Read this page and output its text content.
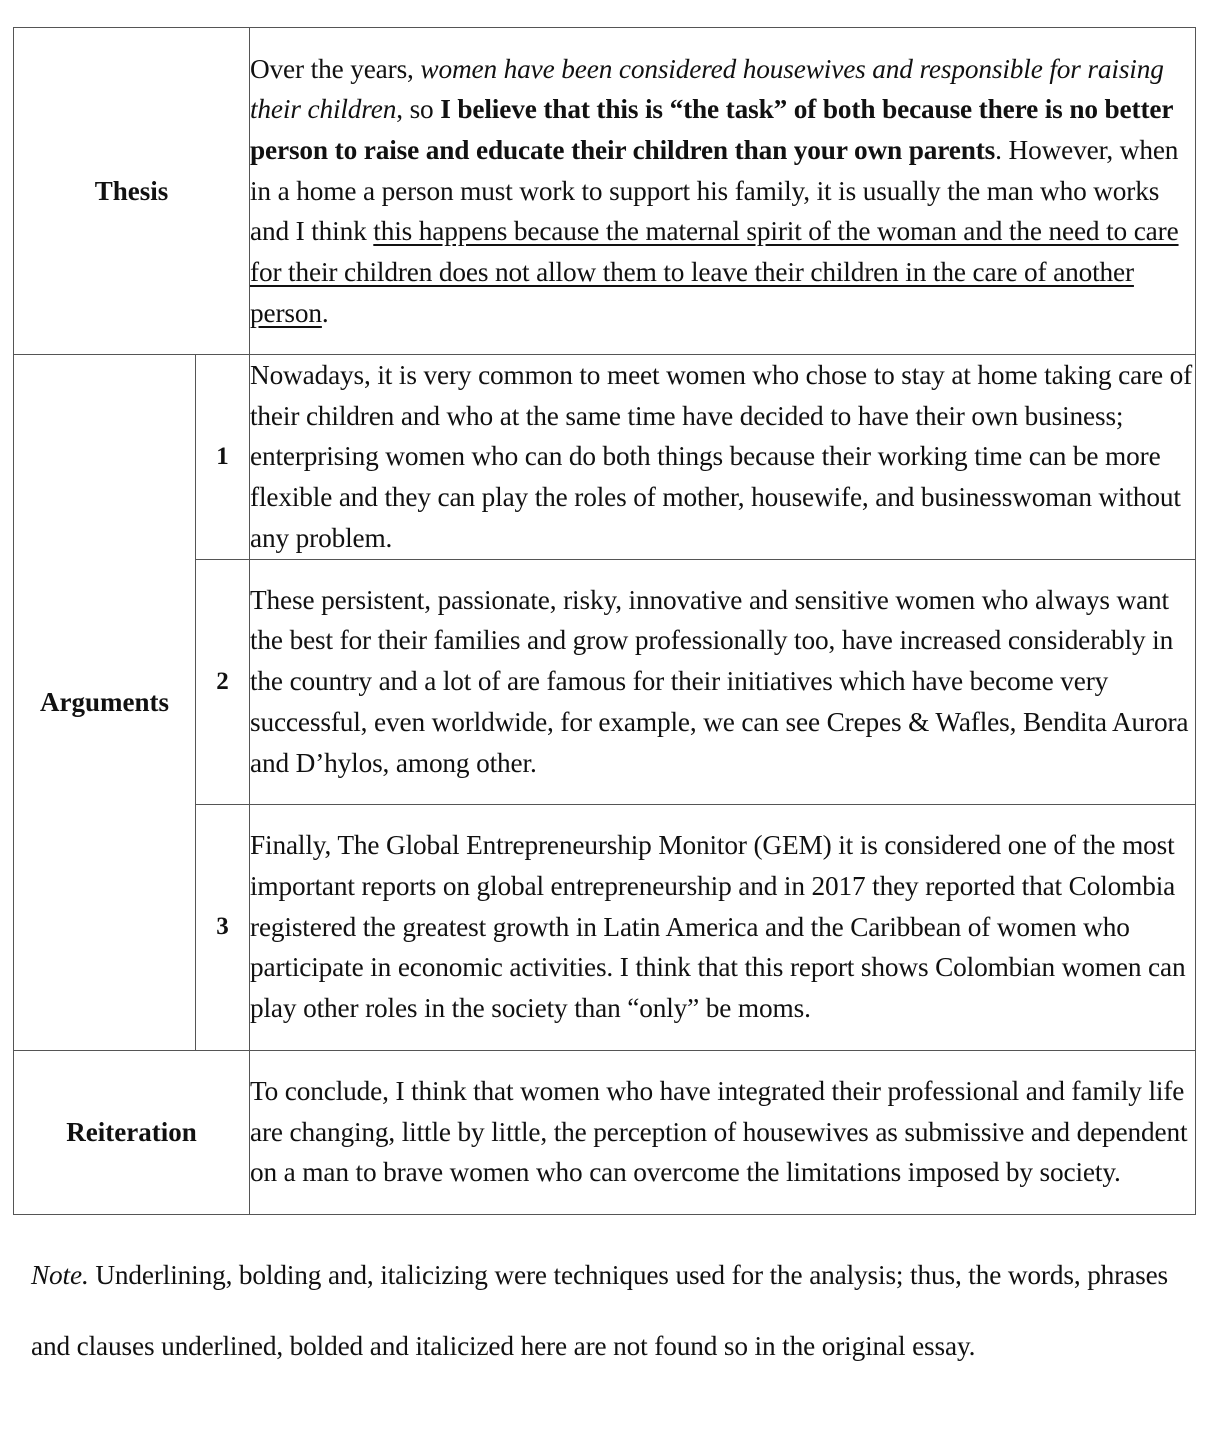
Thesis		Over the years, women have been considered housewives and responsible for raising their children, so I believe that this is “the task” of both because there is no better person to raise and educate their children than your own parents. However, when in a home a person must work to support his family, it is usually the man who works and I think this happens because the maternal spirit of the woman and the need to care for their children does not allow them to leave their children in the care of another person.
Arguments	1	Nowadays, it is very common to meet women who chose to stay at home taking care of their children and who at the same time have decided to have their own business; enterprising women who can do both things because their working time can be more flexible and they can play the roles of mother, housewife, and businesswoman without any problem.
	2	These persistent, passionate, risky, innovative and sensitive women who always want the best for their families and grow professionally too, have increased considerably in the country and a lot of are famous for their initiatives which have become very successful, even worldwide, for example, we can see Crepes & Wafles, Bendita Aurora and D’hylos, among other.
	3	Finally, The Global Entrepreneurship Monitor (GEM) it is considered one of the most important reports on global entrepreneurship and in 2017 they reported that Colombia registered the greatest growth in Latin America and the Caribbean of women who participate in economic activities. I think that this report shows Colombian women can play other roles in the society than “only” be moms.
Reiteration		To conclude, I think that women who have integrated their professional and family life are changing, little by little, the perception of housewives as submissive and dependent on a man to brave women who can overcome the limitations imposed by society.
Note. Underlining, bolding and, italicizing were techniques used for the analysis; thus, the words, phrases and clauses underlined, bolded and italicized here are not found so in the original essay.
